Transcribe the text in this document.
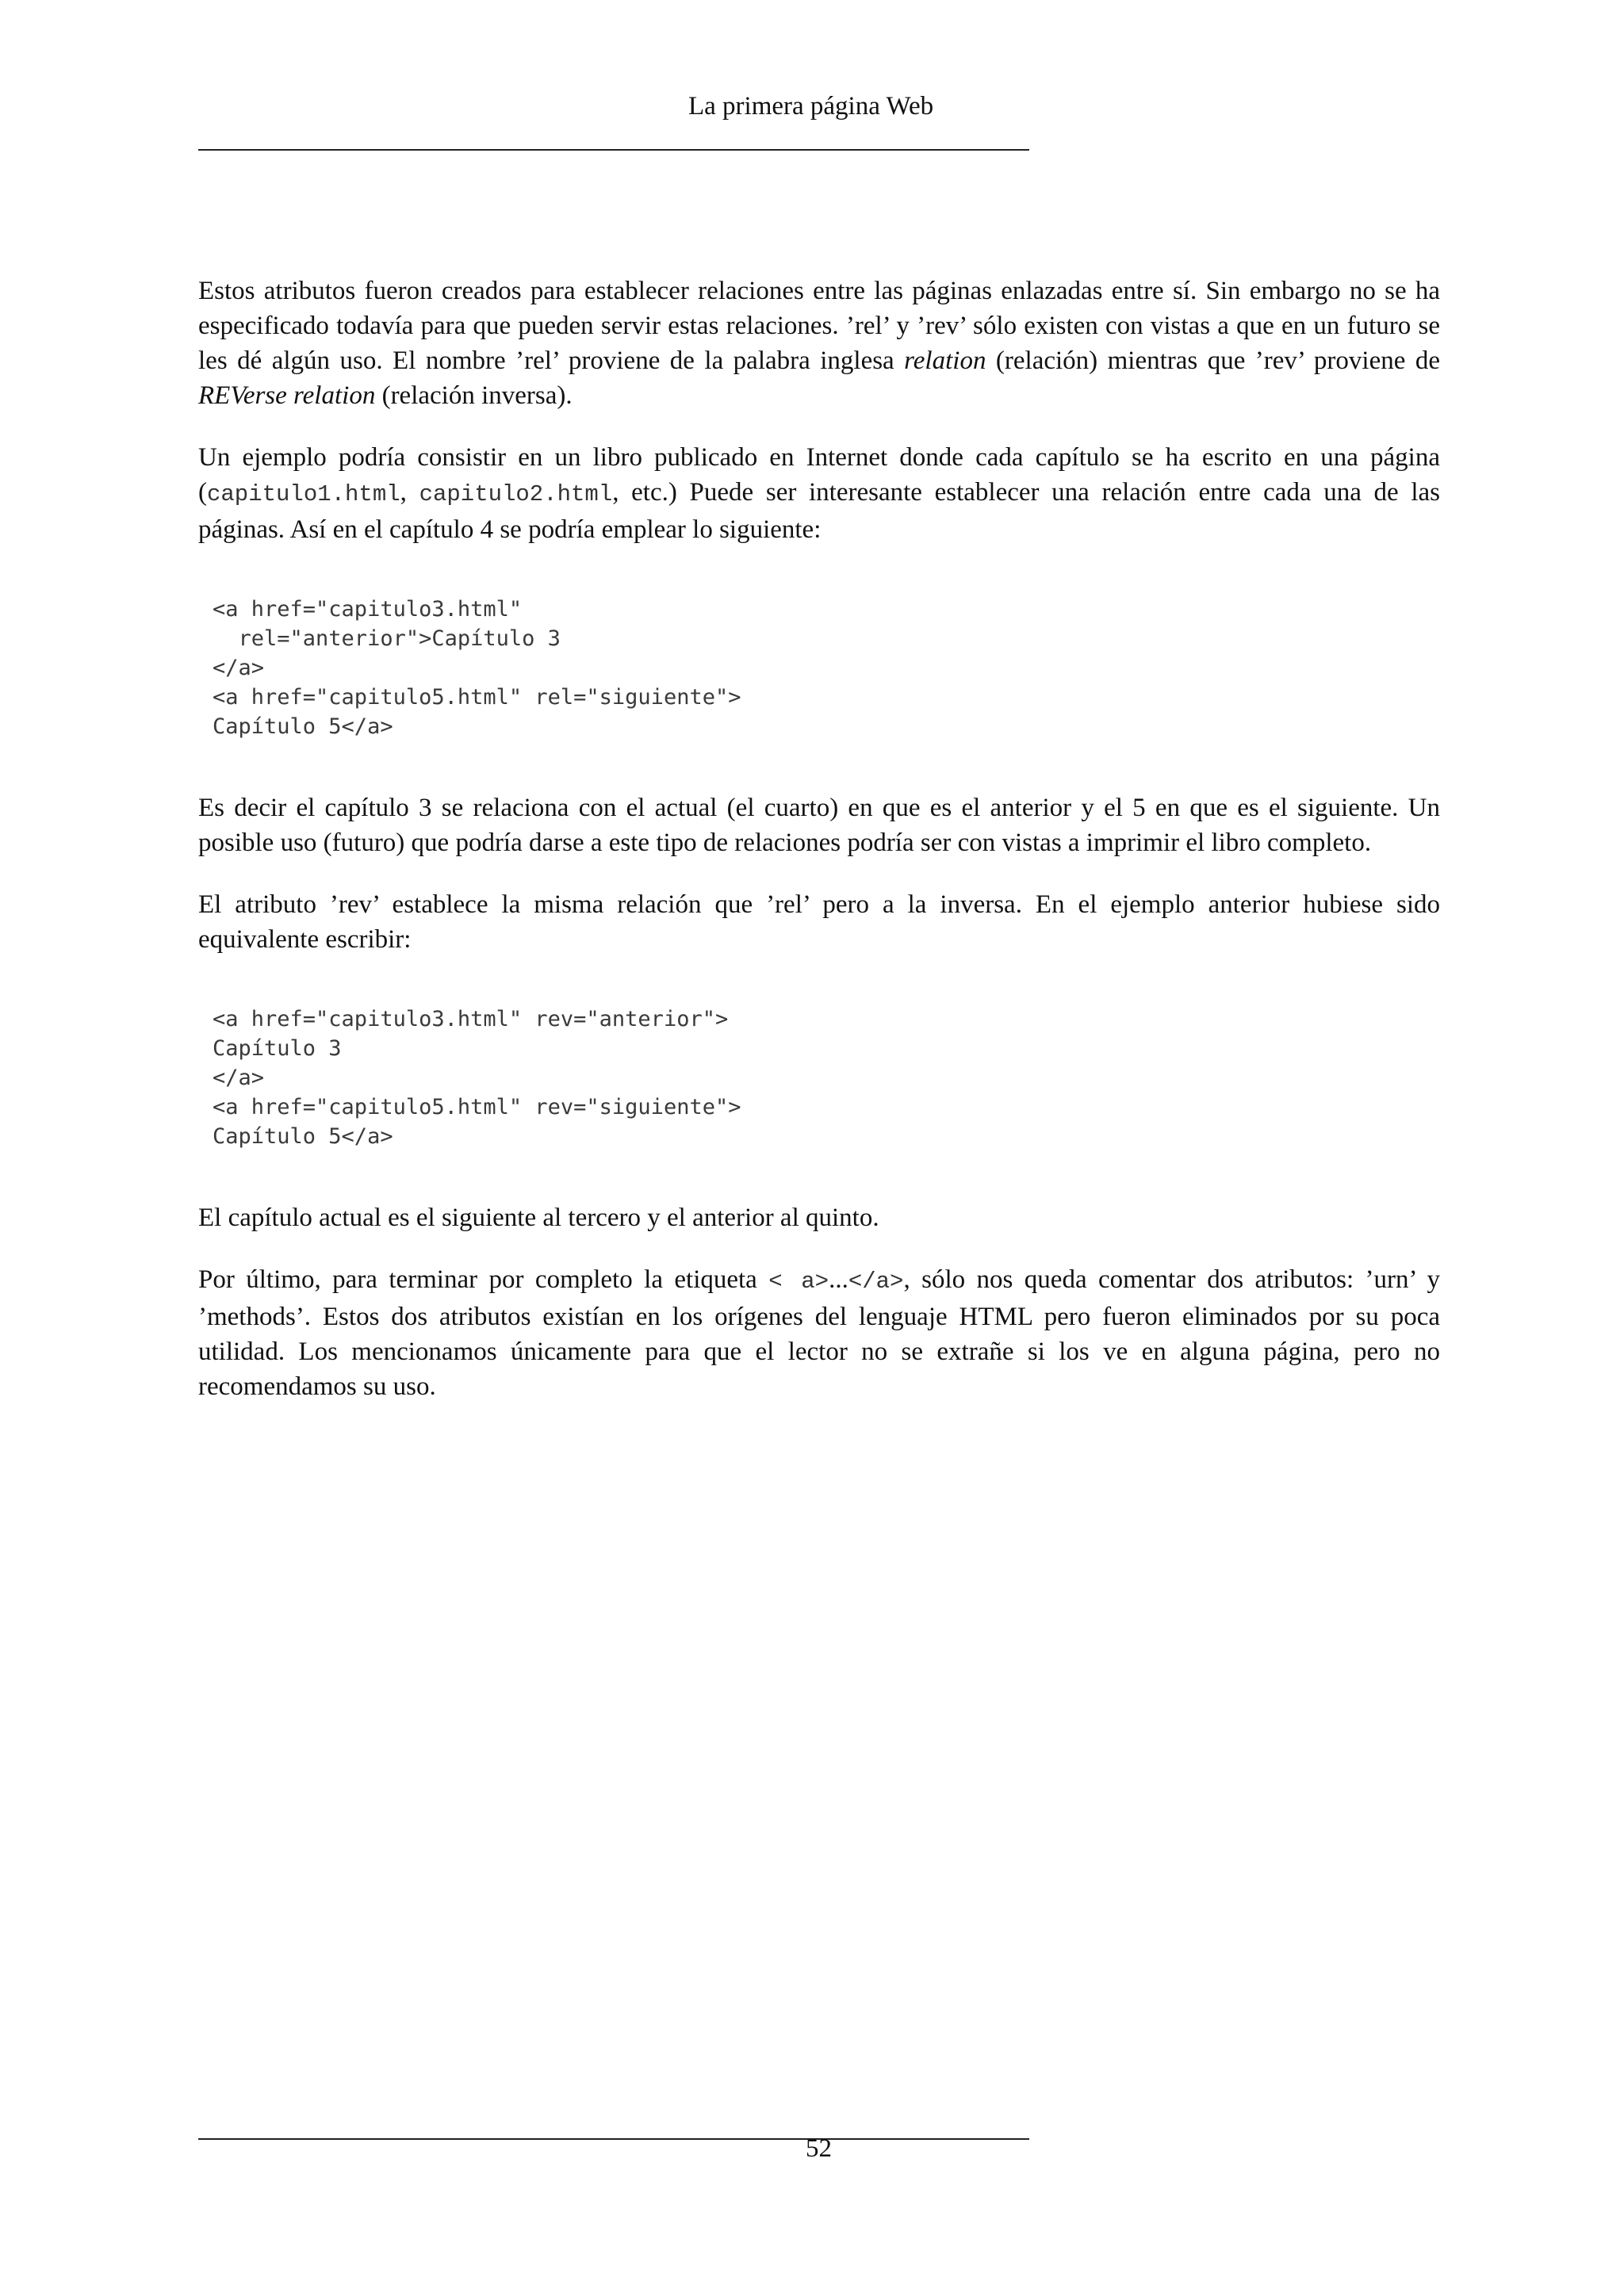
La primera página Web

Estos atributos fueron creados para establecer relaciones entre las páginas enlazadas entre sí. Sin embargo no se ha especificado todavía para que pueden servir estas relaciones. ’rel’ y ’rev’ sólo existen con vistas a que en un futuro se les dé algún uso. El nombre ’rel’ proviene de la palabra inglesa relation (relación) mientras que ’rev’ proviene de REVerse relation (relación inversa).

Un ejemplo podría consistir en un libro publicado en Internet donde cada capítulo se ha escrito en una página (capitulo1.html, capitulo2.html, etc.) Puede ser interesante establecer una relación entre cada una de las páginas. Así en el capítulo 4 se podría emplear lo siguiente:

<a href="capitulo3.html"
rel="anterior">Capítulo 3
</a>
<a href="capitulo5.html" rel="siguiente">
Capítulo 5</a>

Es decir el capítulo 3 se relaciona con el actual (el cuarto) en que es el anterior y el 5 en que es el siguiente. Un posible uso (futuro) que podría darse a este tipo de relaciones podría ser con vistas a imprimir el libro completo.

El atributo ’rev’ establece la misma relación que ’rel’ pero a la inversa. En el ejemplo anterior hubiese sido equivalente escribir:

<a href="capitulo3.html" rev="anterior">
Capítulo 3
</a>
<a href="capitulo5.html" rev="siguiente">
Capítulo 5</a>

El capítulo actual es el siguiente al tercero y el anterior al quinto.

Por último, para terminar por completo la etiqueta < a>...</a>, sólo nos queda comentar dos atributos: ’urn’ y ’methods’. Estos dos atributos existían en los orígenes del lenguaje HTML pero fueron eliminados por su poca utilidad. Los mencionamos únicamente para que el lector no se extrañe si los ve en alguna página, pero no recomendamos su uso.

52
